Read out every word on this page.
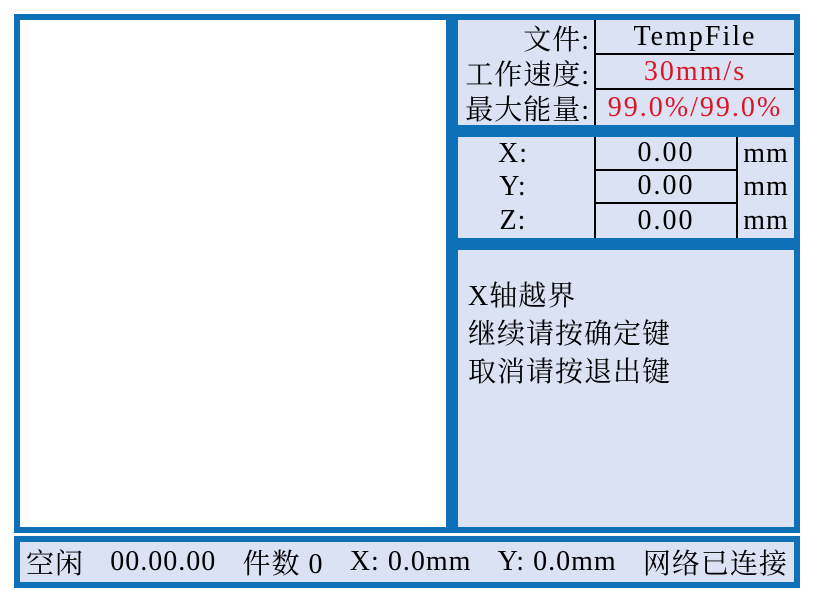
文件:	TempFile
工作速度:	30mm/s
最大能量: 99.0%/99.0%
X:	0.00	mm
Y:	0.00	mm
Z:	0.00	mm
X轴越界
继续请按确定键
取消请按退出键
空闲 00.00.00 件数 0 X: 0.0mm Y: 0.0mm 网络已连接
